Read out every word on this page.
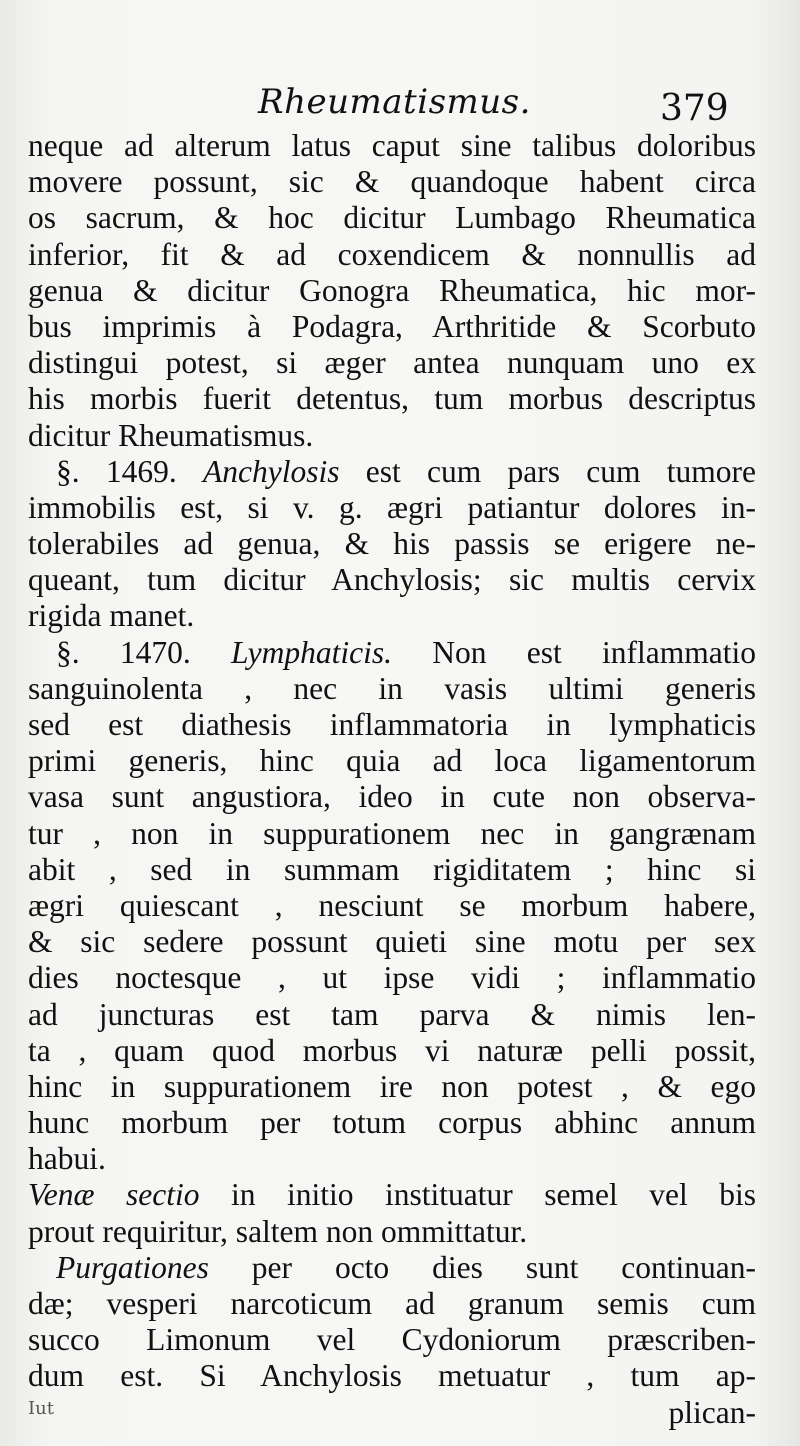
Rheumatismus.	379
neque ad alterum latus caput sine talibus doloribus
movere possunt, sic & quandoque habent circa
os sacrum, & hoc dicitur Lumbago Rheumatica
inferior, fit & ad coxendicem & nonnullis ad
genua & dicitur Gonogra Rheumatica, hic mor-
bus imprimis à Podagra, Arthritide & Scorbuto
distingui potest, si æger antea nunquam uno ex
his morbis fuerit detentus, tum morbus descriptus
dicitur Rheumatismus.
§. 1469. Anchylosis est cum pars cum tumore
immobilis est, si v. g. ægri patiantur dolores in-
tolerabiles ad genua, & his passis se erigere ne-
queant, tum dicitur Anchylosis; sic multis cervix
rigida manet.
§. 1470. Lymphaticis. Non est inflammatio
sanguinolenta , nec in vasis ultimi generis
sed est diathesis inflammatoria in lymphaticis
primi generis, hinc quia ad loca ligamentorum
vasa sunt angustiora, ideo in cute non observa-
tur , non in suppurationem nec in gangrænam
abit , sed in summam rigiditatem ; hinc si
ægri quiescant , nesciunt se morbum habere,
& sic sedere possunt quieti sine motu per sex
dies noctesque , ut ipse vidi ; inflammatio
ad juncturas est tam parva & nimis len-
ta , quam quod morbus vi naturæ pelli possit,
hinc in suppurationem ire non potest , & ego
hunc morbum per totum corpus abhinc annum
habui.
Venæ sectio in initio instituatur semel vel bis
prout requiritur, saltem non ommittatur.
Purgationes per octo dies sunt continuan-
dæ; vesperi narcoticum ad granum semis cum
succo Limonum vel Cydoniorum præscriben-
dum est. Si Anchylosis metuatur , tum ap-
plican-
Iut
